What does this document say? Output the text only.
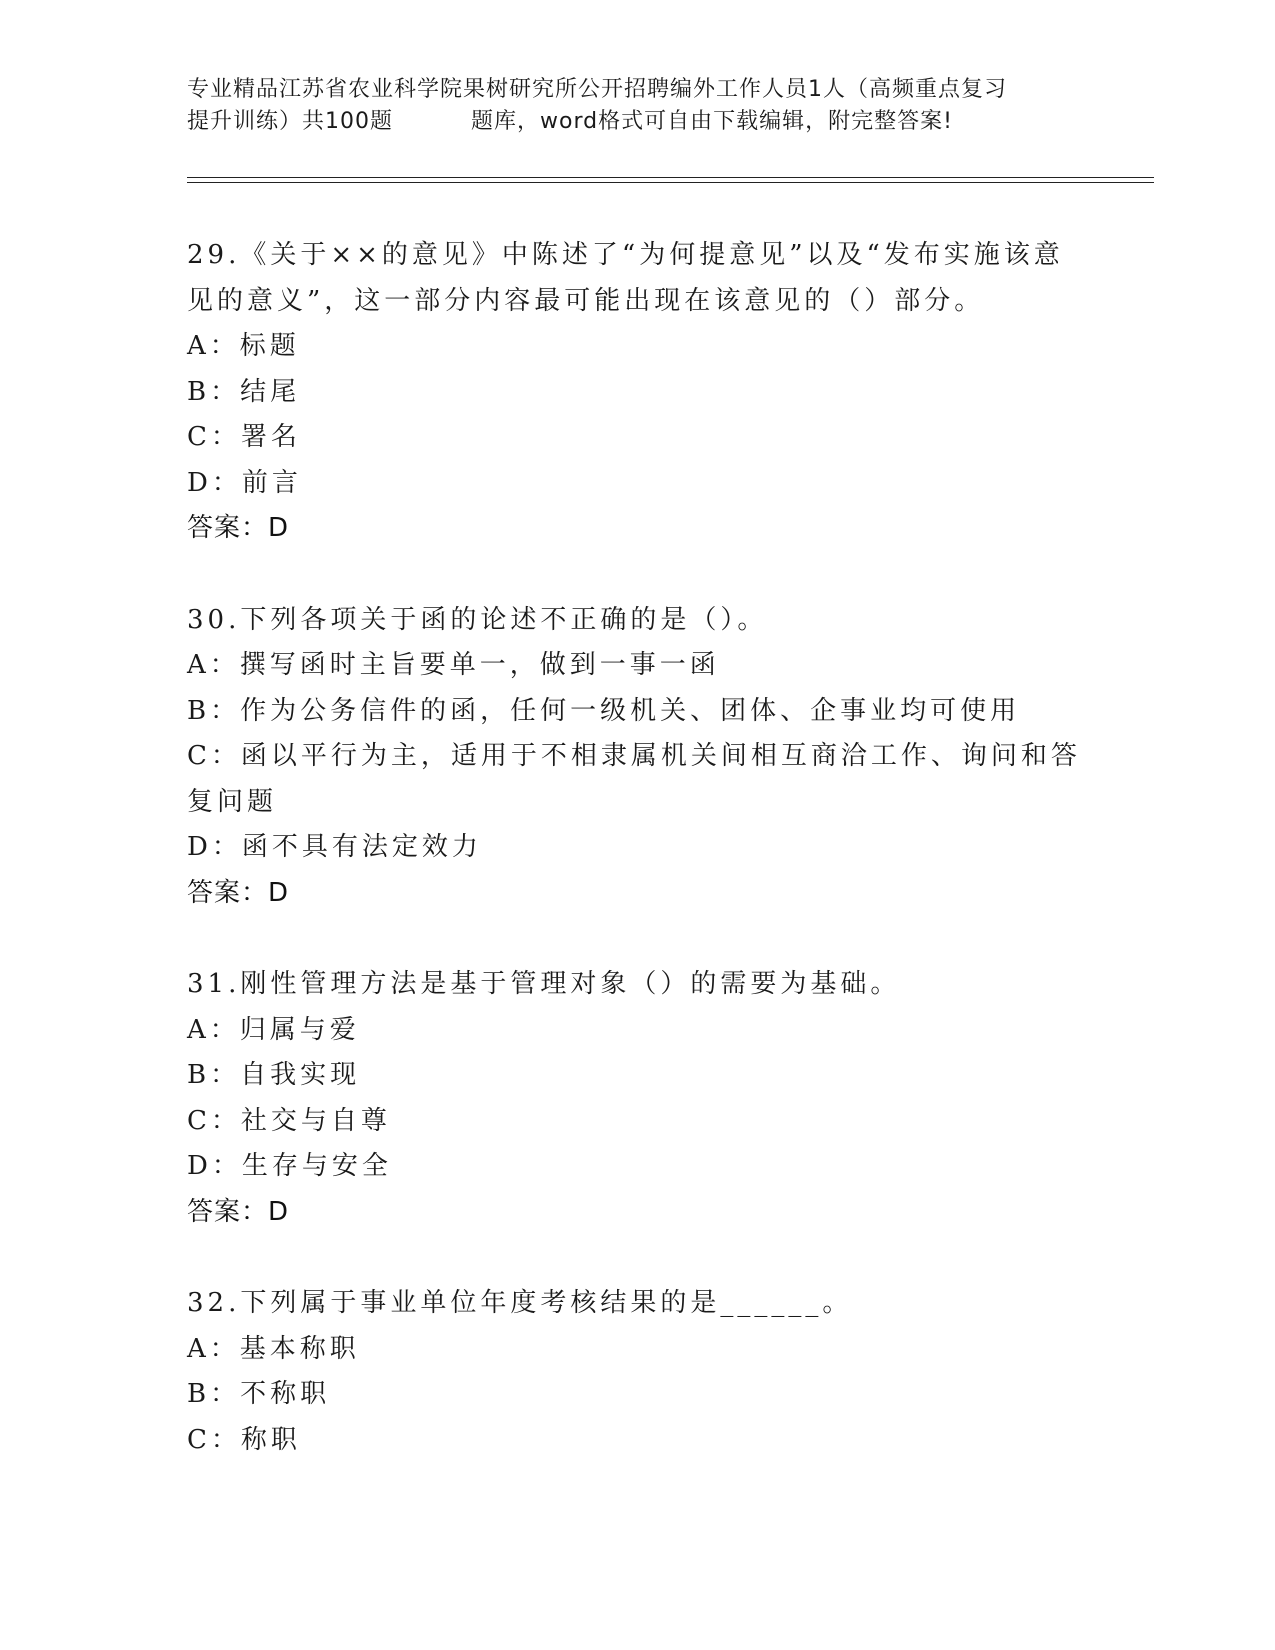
专业精品江苏省农业科学院果树研究所公开招聘编外工作人员1人（高频重点复习
提升训练）共100题	题库，word格式可自由下载编辑，附完整答案!

29.《关于××的意见》中陈述了“为何提意见”以及“发布实施该意见的意义”，这一部分内容最可能出现在该意见的（）部分。

A：标题

B：结尾

C：署名

D：前言

答案：D

30.下列各项关于函的论述不正确的是（）。

A：撰写函时主旨要单一，做到一事一函

B：作为公务信件的函，任何一级机关、团体、企事业均可使用

C：函以平行为主，适用于不相隶属机关间相互商洽工作、询问和答复问题

D：函不具有法定效力

答案：D

31.刚性管理方法是基于管理对象（）的需要为基础。

A：归属与爱

B：自我实现

C：社交与自尊

D：生存与安全

答案：D

32.下列属于事业单位年度考核结果的是______。

A：基本称职

B：不称职

C：称职
